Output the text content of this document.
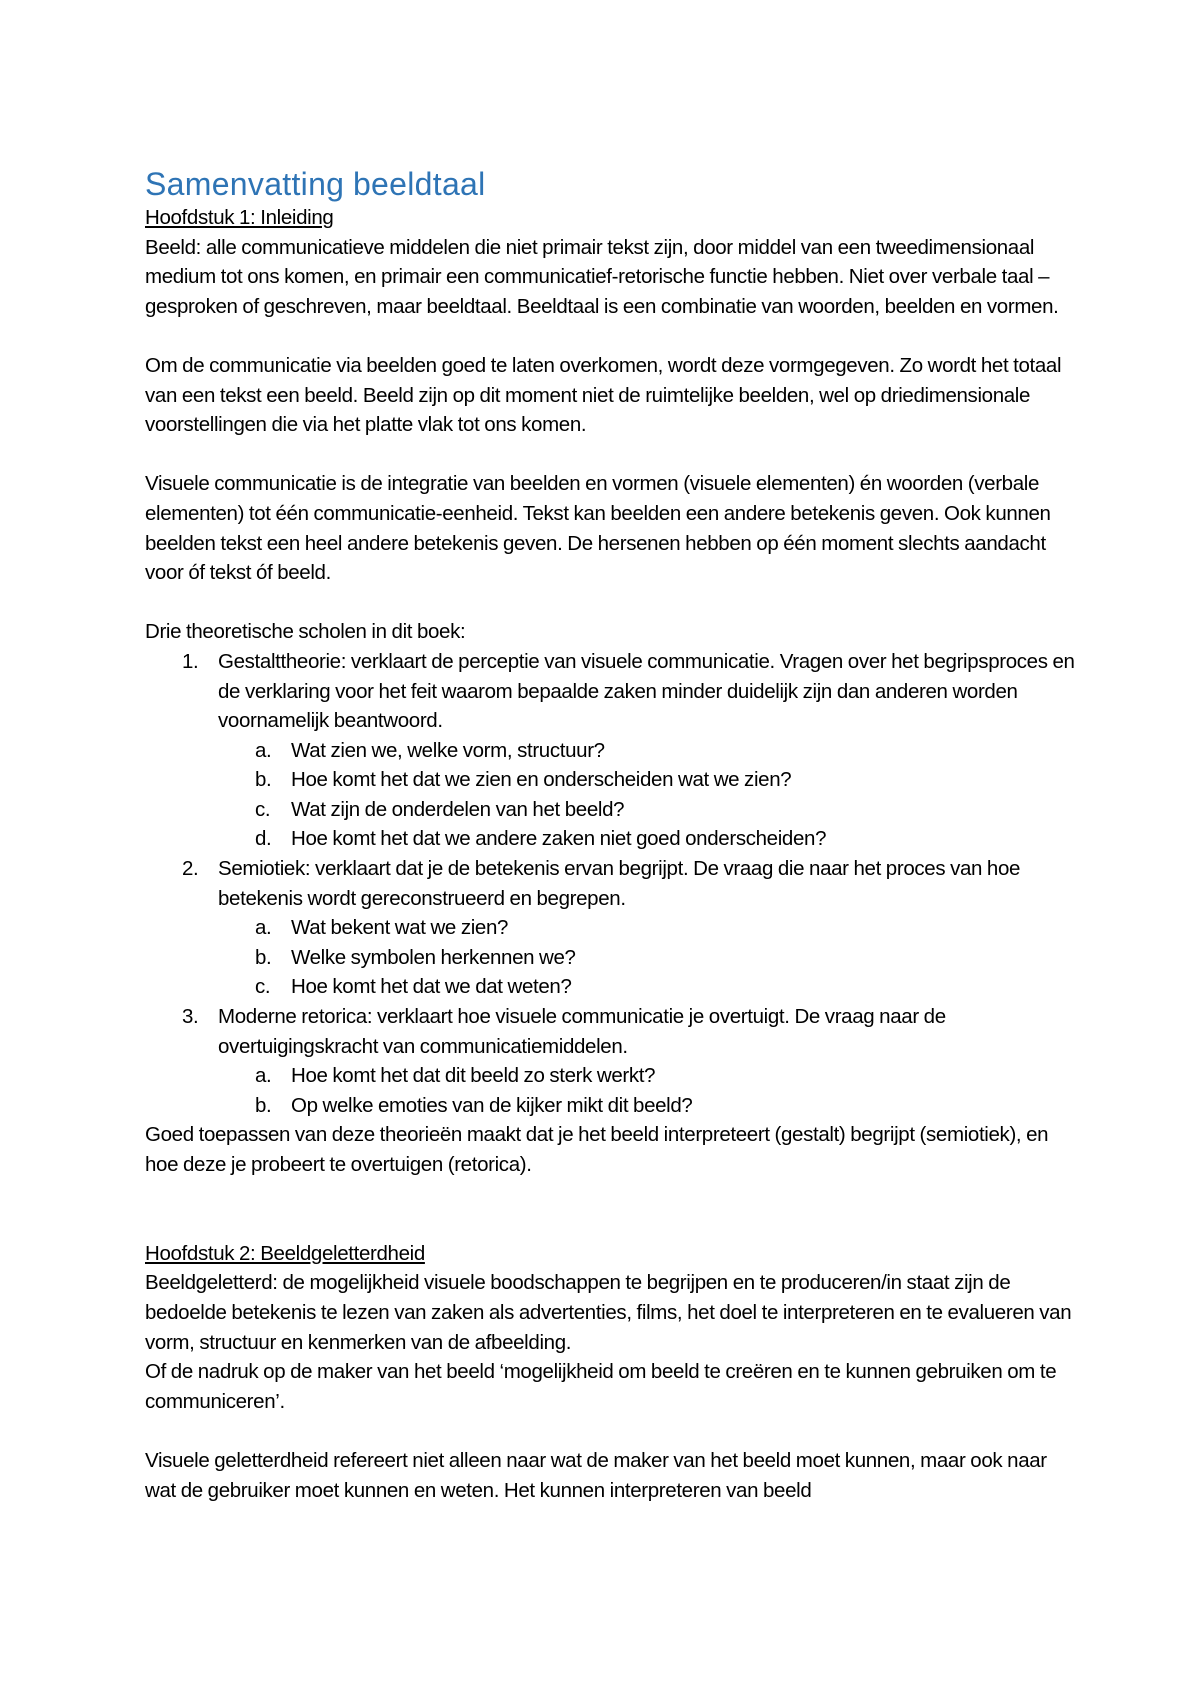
Samenvatting beeldtaal

Hoofdstuk 1: Inleiding

Beeld: alle communicatieve middelen die niet primair tekst zijn, door middel van een tweedimensionaal medium tot ons komen, en primair een communicatief-retorische functie hebben. Niet over verbale taal – gesproken of geschreven, maar beeldtaal. Beeldtaal is een combinatie van woorden, beelden en vormen.

Om de communicatie via beelden goed te laten overkomen, wordt deze vormgegeven. Zo wordt het totaal van een tekst een beeld. Beeld zijn op dit moment niet de ruimtelijke beelden, wel op driedimensionale voorstellingen die via het platte vlak tot ons komen.

Visuele communicatie is de integratie van beelden en vormen (visuele elementen) én woorden (verbale elementen) tot één communicatie-eenheid. Tekst kan beelden een andere betekenis geven. Ook kunnen beelden tekst een heel andere betekenis geven. De hersenen hebben op één moment slechts aandacht voor óf tekst óf beeld.

Drie theoretische scholen in dit boek:

1. Gestalttheorie: verklaart de perceptie van visuele communicatie. Vragen over het begripsproces en de verklaring voor het feit waarom bepaalde zaken minder duidelijk zijn dan anderen worden voornamelijk beantwoord.
a. Wat zien we, welke vorm, structuur?
b. Hoe komt het dat we zien en onderscheiden wat we zien?
c. Wat zijn de onderdelen van het beeld?
d. Hoe komt het dat we andere zaken niet goed onderscheiden?
2. Semiotiek: verklaart dat je de betekenis ervan begrijpt. De vraag die naar het proces van hoe betekenis wordt gereconstrueerd en begrepen.
a. Wat bekent wat we zien?
b. Welke symbolen herkennen we?
c. Hoe komt het dat we dat weten?
3. Moderne retorica: verklaart hoe visuele communicatie je overtuigt. De vraag naar de overtuigingskracht van communicatiemiddelen.
a. Hoe komt het dat dit beeld zo sterk werkt?
b. Op welke emoties van de kijker mikt dit beeld?

Goed toepassen van deze theorieën maakt dat je het beeld interpreteert (gestalt) begrijpt (semiotiek), en hoe deze je probeert te overtuigen (retorica).

Hoofdstuk 2: Beeldgeletterdheid

Beeldgeletterd: de mogelijkheid visuele boodschappen te begrijpen en te produceren/in staat zijn de bedoelde betekenis te lezen van zaken als advertenties, films, het doel te interpreteren en te evalueren van vorm, structuur en kenmerken van de afbeelding.

Of de nadruk op de maker van het beeld ‘mogelijkheid om beeld te creëren en te kunnen gebruiken om te communiceren’.

Visuele geletterdheid refereert niet alleen naar wat de maker van het beeld moet kunnen, maar ook naar wat de gebruiker moet kunnen en weten. Het kunnen interpreteren van beeld
